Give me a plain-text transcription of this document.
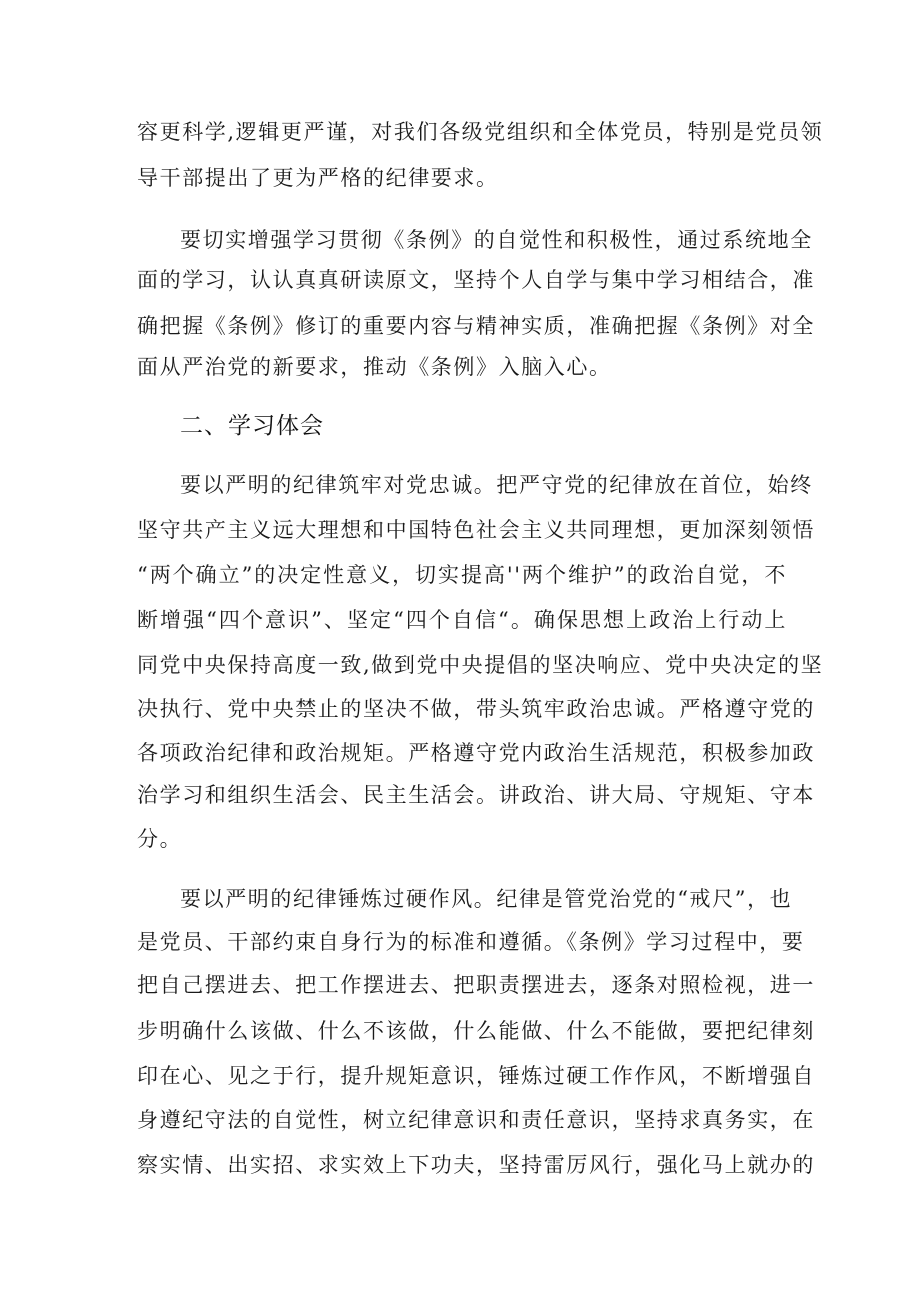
容更科学,逻辑更严谨，对我们各级党组织和全体党员，特别是党员领
导干部提出了更为严格的纪律要求。
要切实增强学习贯彻《条例》的自觉性和积极性，通过系统地全
面的学习，认认真真研读原文，坚持个人自学与集中学习相结合，准
确把握《条例》修订的重要内容与精神实质，准确把握《条例》对全
面从严治党的新要求，推动《条例》入脑入心。
二、学习体会
要以严明的纪律筑牢对党忠诚。把严守党的纪律放在首位，始终
坚守共产主义远大理想和中国特色社会主义共同理想，更加深刻领悟
“两个确立”的决定性意义，切实提高''两个维护”的政治自觉，不
断增强“四个意识”、坚定“四个自信“。确保思想上政治上行动上
同党中央保持高度一致,做到党中央提倡的坚决响应、党中央决定的坚
决执行、党中央禁止的坚决不做，带头筑牢政治忠诚。严格遵守党的
各项政治纪律和政治规矩。严格遵守党内政治生活规范，积极参加政
治学习和组织生活会、民主生活会。讲政治、讲大局、守规矩、守本
分。
要以严明的纪律锤炼过硬作风。纪律是管党治党的“戒尺”，也
是党员、干部约束自身行为的标准和遵循。《条例》学习过程中，要
把自己摆进去、把工作摆进去、把职责摆进去，逐条对照检视，进一
步明确什么该做、什么不该做，什么能做、什么不能做，要把纪律刻
印在心、见之于行，提升规矩意识，锤炼过硬工作作风，不断增强自
身遵纪守法的自觉性，树立纪律意识和责任意识，坚持求真务实，在
察实情、出实招、求实效上下功夫，坚持雷厉风行，强化马上就办的
